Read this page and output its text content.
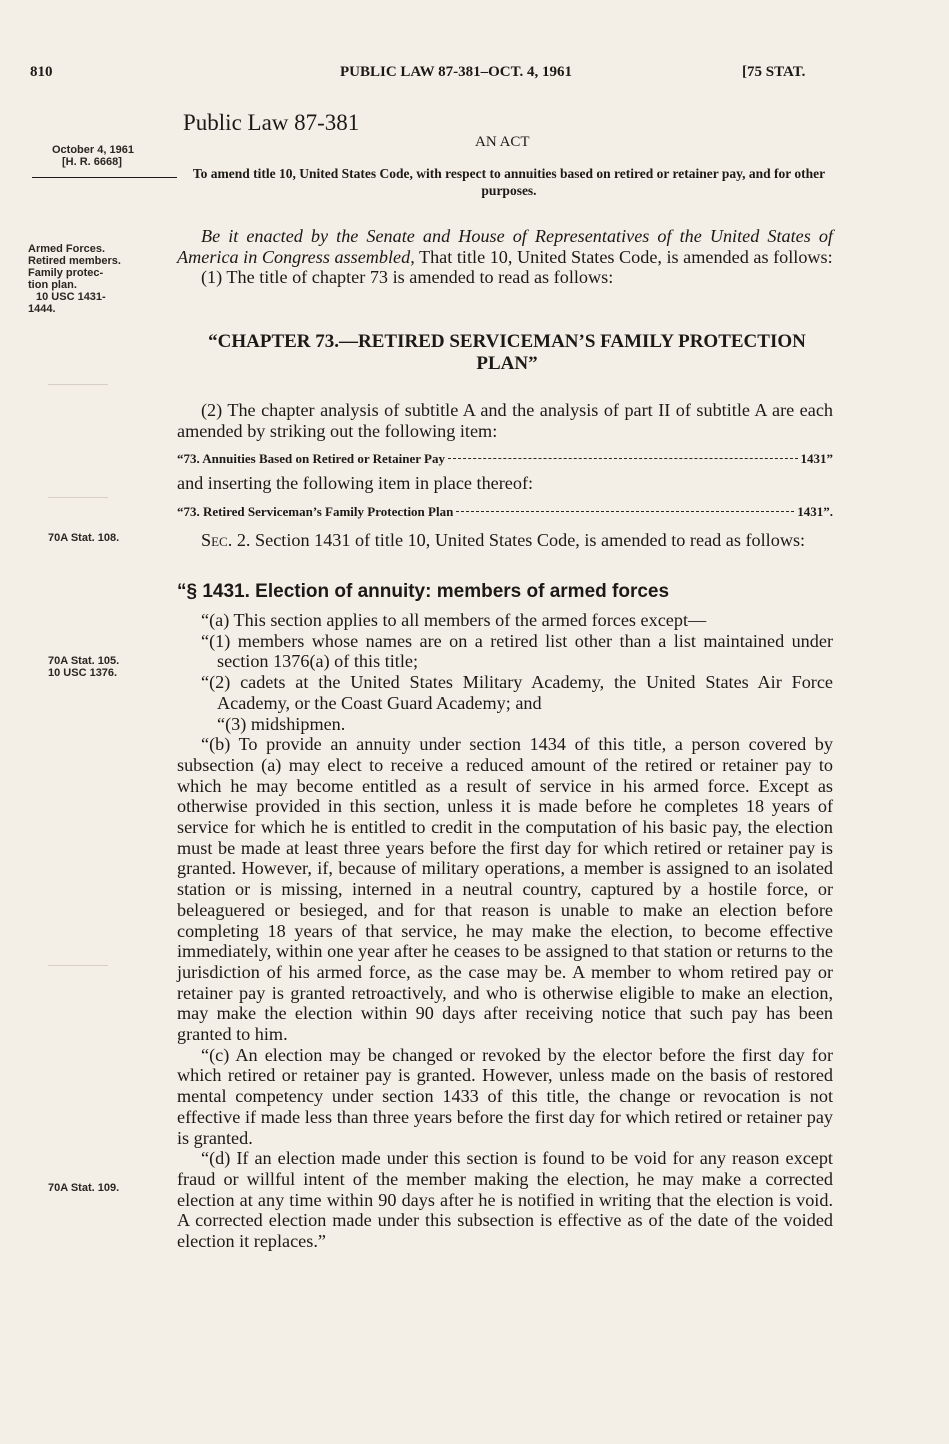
810	PUBLIC LAW 87-381–OCT. 4, 1961	[75 STAT.
Public Law 87-381
AN ACT
October 4, 1961
[H. R. 6668]
To amend title 10, United States Code, with respect to annuities based on retired or retainer pay, and for other purposes.
Armed Forces.
Retired members.
Family protec-
tion plan.
10 USC 1431-
1444.

Be it enacted by the Senate and House of Representatives of the United States of America in Congress assembled, That title 10, United States Code, is amended as follows:

(1) The title of chapter 73 is amended to read as follows:

“CHAPTER 73.—RETIRED SERVICEMAN’S FAMILY PROTECTION PLAN”

(2) The chapter analysis of subtitle A and the analysis of part II of subtitle A are each amended by striking out the following item:

“73. Annuities Based on Retired or Retainer Pay	1431”

and inserting the following item in place thereof:

“73. Retired Serviceman’s Family Protection Plan	1431”.
70A Stat. 108.	Sec. 2. Section 1431 of title 10, United States Code, is amended to read as follows:

“§ 1431. Election of annuity: members of armed forces
70A Stat. 105.
10 USC 1376.

“(a) This section applies to all members of the armed forces except—

“(1) members whose names are on a retired list other than a list maintained under section 1376(a) of this title;

“(2) cadets at the United States Military Academy, the United States Air Force Academy, or the Coast Guard Academy; and

“(3) midshipmen.

“(b) To provide an annuity under section 1434 of this title, a person covered by subsection (a) may elect to receive a reduced amount of the retired or retainer pay to which he may become entitled as a result of service in his armed force. Except as otherwise provided in this section, unless it is made before he completes 18 years of service for which he is entitled to credit in the computation of his basic pay, the election must be made at least three years before the first day for which retired or retainer pay is granted. However, if, because of military operations, a member is assigned to an isolated station or is missing, interned in a neutral country, captured by a hostile force, or beleaguered or besieged, and for that reason is unable to make an election before completing 18 years of that service, he may make the election, to become effective immediately, within one year after he ceases to be assigned to that station or returns to the jurisdiction of his armed force, as the case may be. A member to whom retired pay or retainer pay is granted retroactively, and who is otherwise eligible to make an election, may make the election within 90 days after receiving notice that such pay has been granted to him.

“(c) An election may be changed or revoked by the elector before the first day for which retired or retainer pay is granted. However, unless made on the basis of restored mental competency under section 1433 of this title, the change or revocation is not effective if made less than three years before the first day for which retired or retainer pay is granted.

“(d) If an election made under this section is found to be void for any reason except fraud or willful intent of the member making the election, he may make a corrected election at any time within 90 days after he is notified in writing that the election is void. A corrected election made under this subsection is effective as of the date of the voided election it replaces.”

70A Stat. 109.
